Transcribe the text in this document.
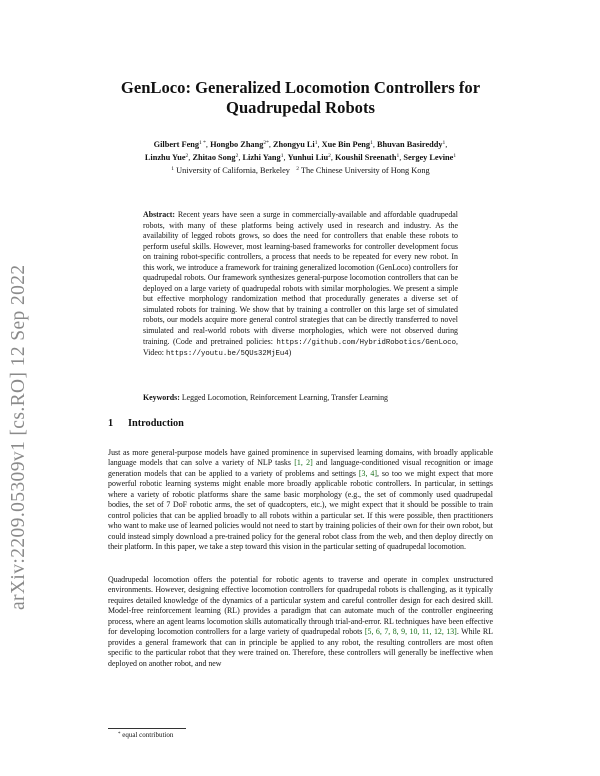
arXiv:2209.05309v1 [cs.RO] 12 Sep 2022
GenLoco: Generalized Locomotion Controllers for
Quadrupedal Robots
Gilbert Feng$^{1 *}$, Hongbo Zhang$^{2*}$, Zhongyu Li$^1$, Xue Bin Peng$^1$, Bhuvan Basireddy$^1$,
Linzhu Yue$^2$, Zhitao Song$^2$, Lizhi Yang$^1$, Yunhui Liu$^2$, Koushil Sreenath$^1$, Sergey Levine$^1$
$^1$ University of California, Berkeley $^2$ The Chinese University of Hong Kong
Abstract: Recent years have seen a surge in commercially-available and affordable quadrupedal robots, with many of these platforms being actively used in research and industry. As the availability of legged robots grows, so does the need for controllers that enable these robots to perform useful skills. However, most learning-based frameworks for controller development focus on training robot-specific controllers, a process that needs to be repeated for every new robot. In this work, we introduce a framework for training generalized locomotion (GenLoco) controllers for quadrupedal robots. Our framework synthesizes general-purpose locomotion controllers that can be deployed on a large variety of quadrupedal robots with similar morphologies. We present a simple but effective morphology randomization method that procedurally generates a diverse set of simulated robots for training. We show that by training a controller on this large set of simulated robots, our models acquire more general control strategies that can be directly transferred to novel simulated and real-world robots with diverse morphologies, which were not observed during training. (Code and pretrained policies: https://github.com/HybridRobotics/GenLoco, Video: https://youtu.be/5QUs32MjEu4)
Keywords: Legged Locomotion, Reinforcement Learning, Transfer Learning
1 Introduction
Just as more general-purpose models have gained prominence in supervised learning domains, with broadly applicable language models that can solve a variety of NLP tasks [1, 2] and language-conditioned visual recognition or image generation models that can be applied to a variety of problems and settings [3, 4], so too we might expect that more powerful robotic learning systems might enable more broadly applicable robotic controllers. In particular, in settings where a variety of robotic platforms share the same basic morphology (e.g., the set of commonly used quadrupedal bodies, the set of 7 DoF robotic arms, the set of quadcopters, etc.), we might expect that it should be possible to train control policies that can be applied broadly to all robots within a particular set. If this were possible, then practitioners who want to make use of learned policies would not need to start by training policies of their own for their own robot, but could instead simply download a pre-trained policy for the general robot class from the web, and then deploy directly on their platform. In this paper, we take a step toward this vision in the particular setting of quadrupedal locomotion.
Quadrupedal locomotion offers the potential for robotic agents to traverse and operate in complex unstructured environments. However, designing effective locomotion controllers for quadrupedal robots is challenging, as it typically requires detailed knowledge of the dynamics of a particular system and careful controller design for each desired skill. Model-free reinforcement learning (RL) provides a paradigm that can automate much of the controller engineering process, where an agent learns locomotion skills automatically through trial-and-error. RL techniques have been effective for developing locomotion controllers for a large variety of quadrupedal robots [5, 6, 7, 8, 9, 10, 11, 12, 13]. While RL provides a general framework that can in principle be applied to any robot, the resulting controllers are most often specific to the particular robot that they were trained on. Therefore, these controllers will generally be ineffective when deployed on another robot, and new
* equal contribution
